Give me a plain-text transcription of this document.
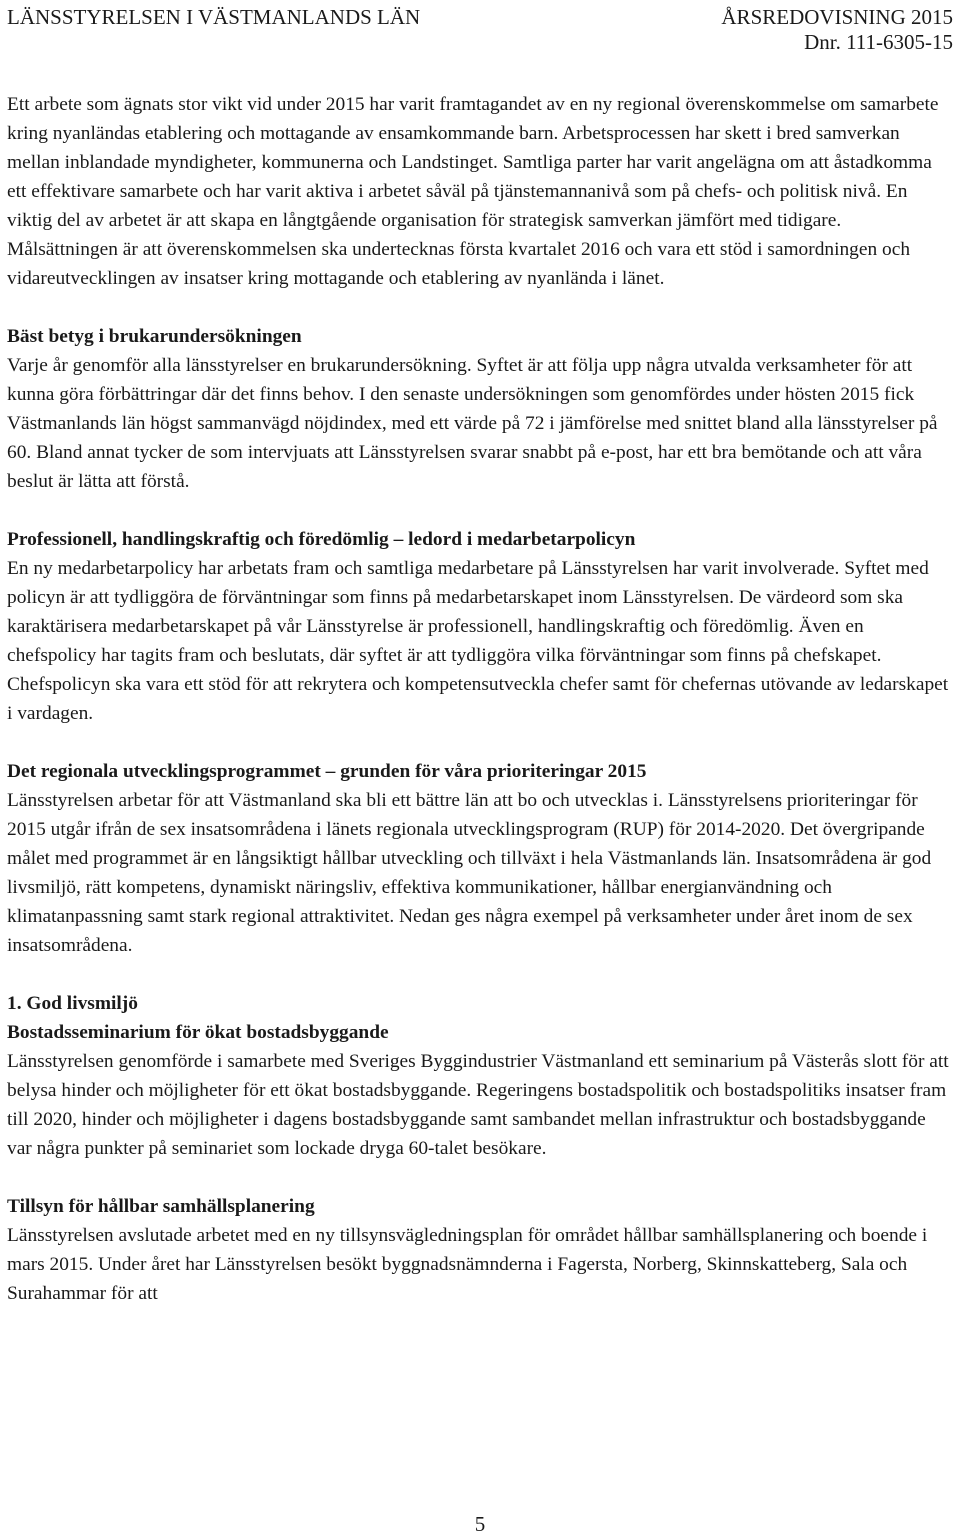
LÄNSSTYRELSEN I VÄSTMANLANDS LÄN	ÅRSREDOVISNING 2015
Dnr. 111-6305-15

Ett arbete som ägnats stor vikt vid under 2015 har varit framtagandet av en ny regional överenskommelse om samarbete kring nyanländas etablering och mottagande av ensamkommande barn. Arbetsprocessen har skett i bred samverkan mellan inblandade myndigheter, kommunerna och Landstinget. Samtliga parter har varit angelägna om att åstadkomma ett effektivare samarbete och har varit aktiva i arbetet såväl på tjänstemannanivå som på chefs- och politisk nivå. En viktig del av arbetet är att skapa en långtgående organisation för strategisk samverkan jämfört med tidigare. Målsättningen är att överenskommelsen ska undertecknas första kvartalet 2016 och vara ett stöd i samordningen och vidareutvecklingen av insatser kring mottagande och etablering av nyanlända i länet.

Bäst betyg i brukarundersökningen

Varje år genomför alla länsstyrelser en brukarundersökning. Syftet är att följa upp några utvalda verksamheter för att kunna göra förbättringar där det finns behov. I den senaste undersökningen som genomfördes under hösten 2015 fick Västmanlands län högst sammanvägd nöjdindex, med ett värde på 72 i jämförelse med snittet bland alla länsstyrelser på 60. Bland annat tycker de som intervjuats att Länsstyrelsen svarar snabbt på e-post, har ett bra bemötande och att våra beslut är lätta att förstå.

Professionell, handlingskraftig och föredömlig – ledord i medarbetarpolicyn

En ny medarbetarpolicy har arbetats fram och samtliga medarbetare på Länsstyrelsen har varit involverade. Syftet med policyn är att tydliggöra de förväntningar som finns på medarbetarskapet inom Länsstyrelsen. De värdeord som ska karaktärisera medarbetarskapet på vår Länsstyrelse är professionell, handlingskraftig och föredömlig. Även en chefspolicy har tagits fram och beslutats, där syftet är att tydliggöra vilka förväntningar som finns på chefskapet. Chefspolicyn ska vara ett stöd för att rekrytera och kompetensutveckla chefer samt för chefernas utövande av ledarskapet i vardagen.

Det regionala utvecklingsprogrammet – grunden för våra prioriteringar 2015

Länsstyrelsen arbetar för att Västmanland ska bli ett bättre län att bo och utvecklas i. Länsstyrelsens prioriteringar för 2015 utgår ifrån de sex insatsområdena i länets regionala utvecklingsprogram (RUP) för 2014-2020. Det övergripande målet med programmet är en långsiktigt hållbar utveckling och tillväxt i hela Västmanlands län. Insatsområdena är god livsmiljö, rätt kompetens, dynamiskt näringsliv, effektiva kommunikationer, hållbar energianvändning och klimatanpassning samt stark regional attraktivitet. Nedan ges några exempel på verksamheter under året inom de sex insatsområdena.

1. God livsmiljö

Bostadsseminarium för ökat bostadsbyggande

Länsstyrelsen genomförde i samarbete med Sveriges Byggindustrier Västmanland ett seminarium på Västerås slott för att belysa hinder och möjligheter för ett ökat bostadsbyggande. Regeringens bostadspolitik och bostadspolitiks insatser fram till 2020, hinder och möjligheter i dagens bostadsbyggande samt sambandet mellan infrastruktur och bostadsbyggande var några punkter på seminariet som lockade dryga 60-talet besökare.

Tillsyn för hållbar samhällsplanering

Länsstyrelsen avslutade arbetet med en ny tillsynsvägledningsplan för området hållbar samhällsplanering och boende i mars 2015. Under året har Länsstyrelsen besökt byggnadsnämnderna i Fagersta, Norberg, Skinnskatteberg, Sala och Surahammar för att

5
